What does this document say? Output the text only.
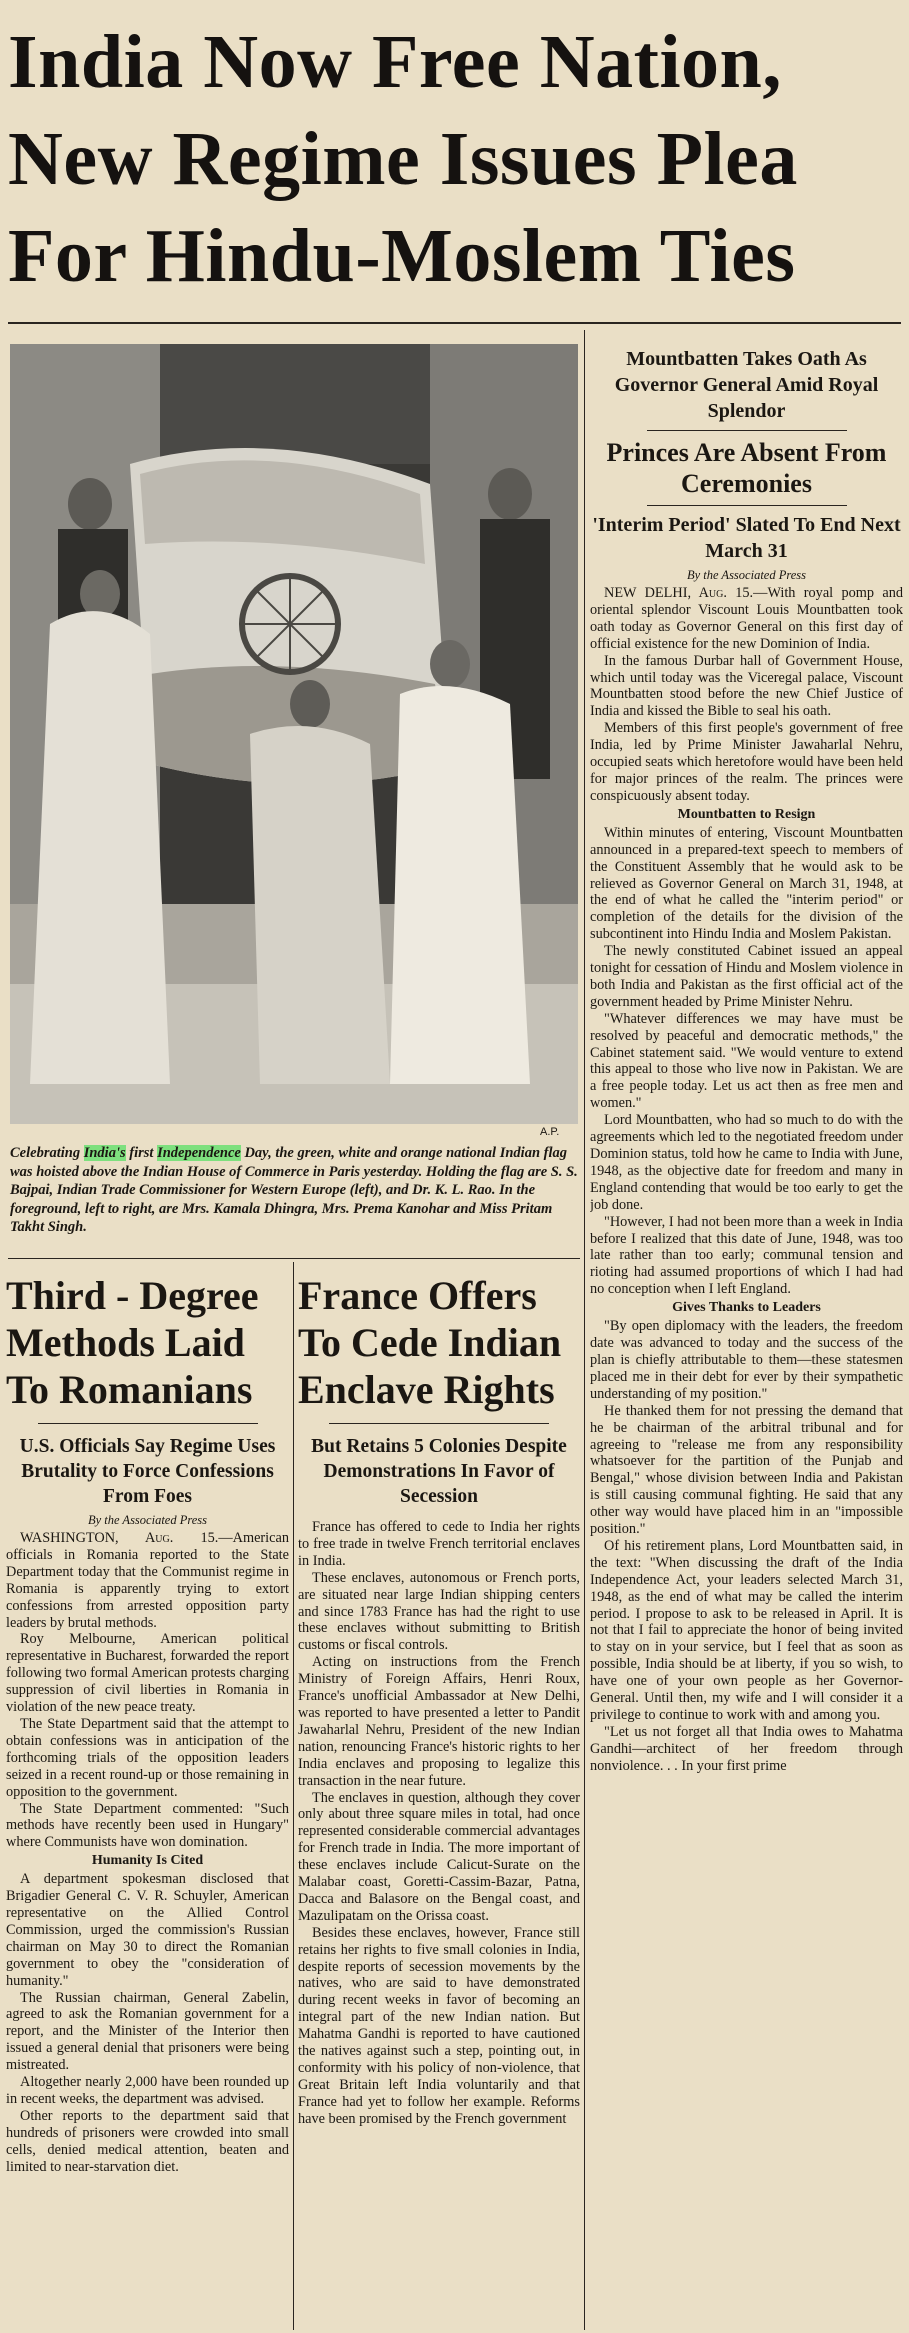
India Now Free Nation,
New Regime Issues Plea
For Hindu-Moslem Ties
A.P.

Celebrating India's first Independence Day, the green, white and orange national Indian flag was hoisted above the Indian House of Commerce in Paris yesterday. Holding the flag are S. S. Bajpai, Indian Trade Commissioner for Western Europe (left), and Dr. K. L. Rao. In the foreground, left to right, are Mrs. Kamala Dhingra, Mrs. Prema Kanohar and Miss Pritam Takht Singh.

Mountbatten Takes Oath As Governor General Amid Royal Splendor
Princes Are Absent From Ceremonies
'Interim Period' Slated To End Next March 31
By the Associated Press

NEW DELHI, Aug. 15.—With royal pomp and oriental splendor Viscount Louis Mountbatten took oath today as Governor General on this first day of official existence for the new Dominion of India.

In the famous Durbar hall of Government House, which until today was the Viceregal palace, Viscount Mountbatten stood before the new Chief Justice of India and kissed the Bible to seal his oath.

Members of this first people's government of free India, led by Prime Minister Jawaharlal Nehru, occupied seats which heretofore would have been held for major princes of the realm. The princes were conspicuously absent today.

Mountbatten to Resign

Within minutes of entering, Viscount Mountbatten announced in a prepared-text speech to members of the Constituent Assembly that he would ask to be relieved as Governor General on March 31, 1948, at the end of what he called the "interim period" or completion of the details for the division of the subcontinent into Hindu India and Moslem Pakistan.

The newly constituted Cabinet issued an appeal tonight for cessation of Hindu and Moslem violence in both India and Pakistan as the first official act of the government headed by Prime Minister Nehru.

"Whatever differences we may have must be resolved by peaceful and democratic methods," the Cabinet statement said. "We would venture to extend this appeal to those who live now in Pakistan. We are a free people today. Let us act then as free men and women."

Lord Mountbatten, who had so much to do with the agreements which led to the negotiated freedom under Dominion status, told how he came to India with June, 1948, as the objective date for freedom and many in England contending that would be too early to get the job done.

"However, I had not been more than a week in India before I realized that this date of June, 1948, was too late rather than too early; communal tension and rioting had assumed proportions of which I had had no conception when I left England.

Gives Thanks to Leaders

"By open diplomacy with the leaders, the freedom date was advanced to today and the success of the plan is chiefly attributable to them—these statesmen placed me in their debt for ever by their sympathetic understanding of my position."

He thanked them for not pressing the demand that he be chairman of the arbitral tribunal and for agreeing to "release me from any responsibility whatsoever for the partition of the Punjab and Bengal," whose division between India and Pakistan is still causing communal fighting. He said that any other way would have placed him in an "impossible position."

Of his retirement plans, Lord Mountbatten said, in the text: "When discussing the draft of the India Independence Act, your leaders selected March 31, 1948, as the end of what may be called the interim period. I propose to ask to be released in April. It is not that I fail to appreciate the honor of being invited to stay on in your service, but I feel that as soon as possible, India should be at liberty, if you so wish, to have one of your own people as her Governor-General. Until then, my wife and I will consider it a privilege to continue to work with and among you.

"Let us not forget all that India owes to Mahatma Gandhi—architect of her freedom through nonviolence. . . In your first prime

Third - Degree Methods Laid To Romanians
U.S. Officials Say Regime Uses Brutality to Force Confessions From Foes
By the Associated Press

WASHINGTON, Aug. 15.—American officials in Romania reported to the State Department today that the Communist regime in Romania is apparently trying to extort confessions from arrested opposition party leaders by brutal methods.

Roy Melbourne, American political representative in Bucharest, forwarded the report following two formal American protests charging suppression of civil liberties in Romania in violation of the new peace treaty.

The State Department said that the attempt to obtain confessions was in anticipation of the forthcoming trials of the opposition leaders seized in a recent round-up or those remaining in opposition to the government.

The State Department commented: "Such methods have recently been used in Hungary" where Communists have won domination.

Humanity Is Cited

A department spokesman disclosed that Brigadier General C. V. R. Schuyler, American representative on the Allied Control Commission, urged the commission's Russian chairman on May 30 to direct the Romanian government to obey the "consideration of humanity."

The Russian chairman, General Zabelin, agreed to ask the Romanian government for a report, and the Minister of the Interior then issued a general denial that prisoners were being mistreated.

Altogether nearly 2,000 have been rounded up in recent weeks, the department was advised.

Other reports to the department said that hundreds of prisoners were crowded into small cells, denied medical attention, beaten and limited to near-starvation diet.

France Offers To Cede Indian Enclave Rights
But Retains 5 Colonies Despite Demonstrations In Favor of Secession

France has offered to cede to India her rights to free trade in twelve French territorial enclaves in India.

These enclaves, autonomous or French ports, are situated near large Indian shipping centers and since 1783 France has had the right to use these enclaves without submitting to British customs or fiscal controls.

Acting on instructions from the French Ministry of Foreign Affairs, Henri Roux, France's unofficial Ambassador at New Delhi, was reported to have presented a letter to Pandit Jawaharlal Nehru, President of the new Indian nation, renouncing France's historic rights to her India enclaves and proposing to legalize this transaction in the near future.

The enclaves in question, although they cover only about three square miles in total, had once represented considerable commercial advantages for French trade in India. The more important of these enclaves include Calicut-Surate on the Malabar coast, Goretti-Cassim-Bazar, Patna, Dacca and Balasore on the Bengal coast, and Mazulipatam on the Orissa coast.

Besides these enclaves, however, France still retains her rights to five small colonies in India, despite reports of secession movements by the natives, who are said to have demonstrated during recent weeks in favor of becoming an integral part of the new Indian nation. But Mahatma Gandhi is reported to have cautioned the natives against such a step, pointing out, in conformity with his policy of non-violence, that Great Britain left India voluntarily and that France had yet to follow her example. Reforms have been promised by the French government
